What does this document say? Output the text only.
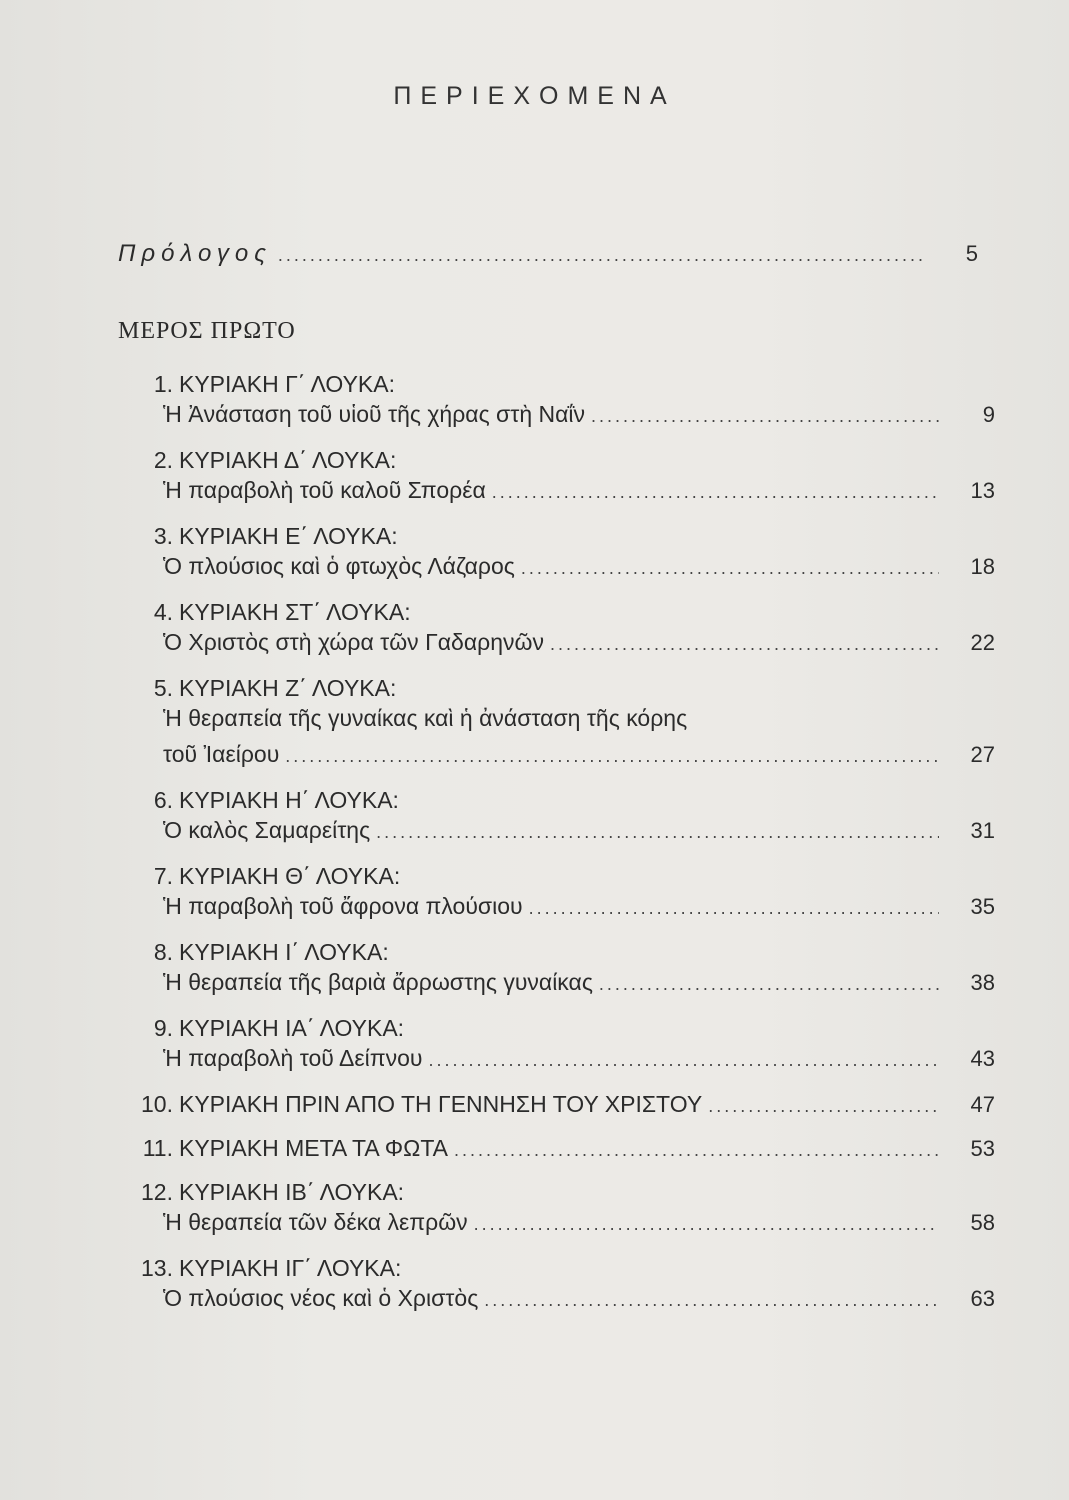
ΠΕΡΙΕΧΟΜΕΝΑ
Πρόλογος .....	5
ΜΕΡΟΣ ΠΡΩΤΟ
1. ΚΥΡΙΑΚΗ Γ΄ ΛΟΥΚΑ:
Ἡ Ἀνάσταση τοῦ υἱοῦ τῆς χήρας στὴ Ναΐν .....	9
2. ΚΥΡΙΑΚΗ Δ΄ ΛΟΥΚΑ:
Ἡ παραβολὴ τοῦ καλοῦ Σπορέα .....	13
3. ΚΥΡΙΑΚΗ Ε΄ ΛΟΥΚΑ:
Ὁ πλούσιος καὶ ὁ φτωχὸς Λάζαρος .....	18
4. ΚΥΡΙΑΚΗ ΣΤ΄ ΛΟΥΚΑ:
Ὁ Χριστὸς στὴ χώρα τῶν Γαδαρηνῶν .....	22
5. ΚΥΡΙΑΚΗ Ζ΄ ΛΟΥΚΑ:
Ἡ θεραπεία τῆς γυναίκας καὶ ἡ ἀνάσταση τῆς κόρης
τοῦ Ἰαείρου .....	27
6. ΚΥΡΙΑΚΗ Η΄ ΛΟΥΚΑ:
Ὁ καλὸς Σαμαρείτης .....	31
7. ΚΥΡΙΑΚΗ Θ΄ ΛΟΥΚΑ:
Ἡ παραβολὴ τοῦ ἄφρονα πλούσιου .....	35
8. ΚΥΡΙΑΚΗ Ι΄ ΛΟΥΚΑ:
Ἡ θεραπεία τῆς βαριὰ ἄρρωστης γυναίκας .....	38
9. ΚΥΡΙΑΚΗ ΙΑ΄ ΛΟΥΚΑ:
Ἡ παραβολὴ τοῦ Δείπνου .....	43
10. ΚΥΡΙΑΚΗ ΠΡΙΝ ΑΠΟ ΤΗ ΓΕΝΝΗΣΗ ΤΟΥ ΧΡΙΣΤΟΥ .....	47
11. ΚΥΡΙΑΚΗ ΜΕΤΑ ΤΑ ΦΩΤΑ .....	53
12. ΚΥΡΙΑΚΗ ΙΒ΄ ΛΟΥΚΑ:
Ἡ θεραπεία τῶν δέκα λεπρῶν .....	58
13. ΚΥΡΙΑΚΗ ΙΓ΄ ΛΟΥΚΑ:
Ὁ πλούσιος νέος καὶ ὁ Χριστὸς .....	63
